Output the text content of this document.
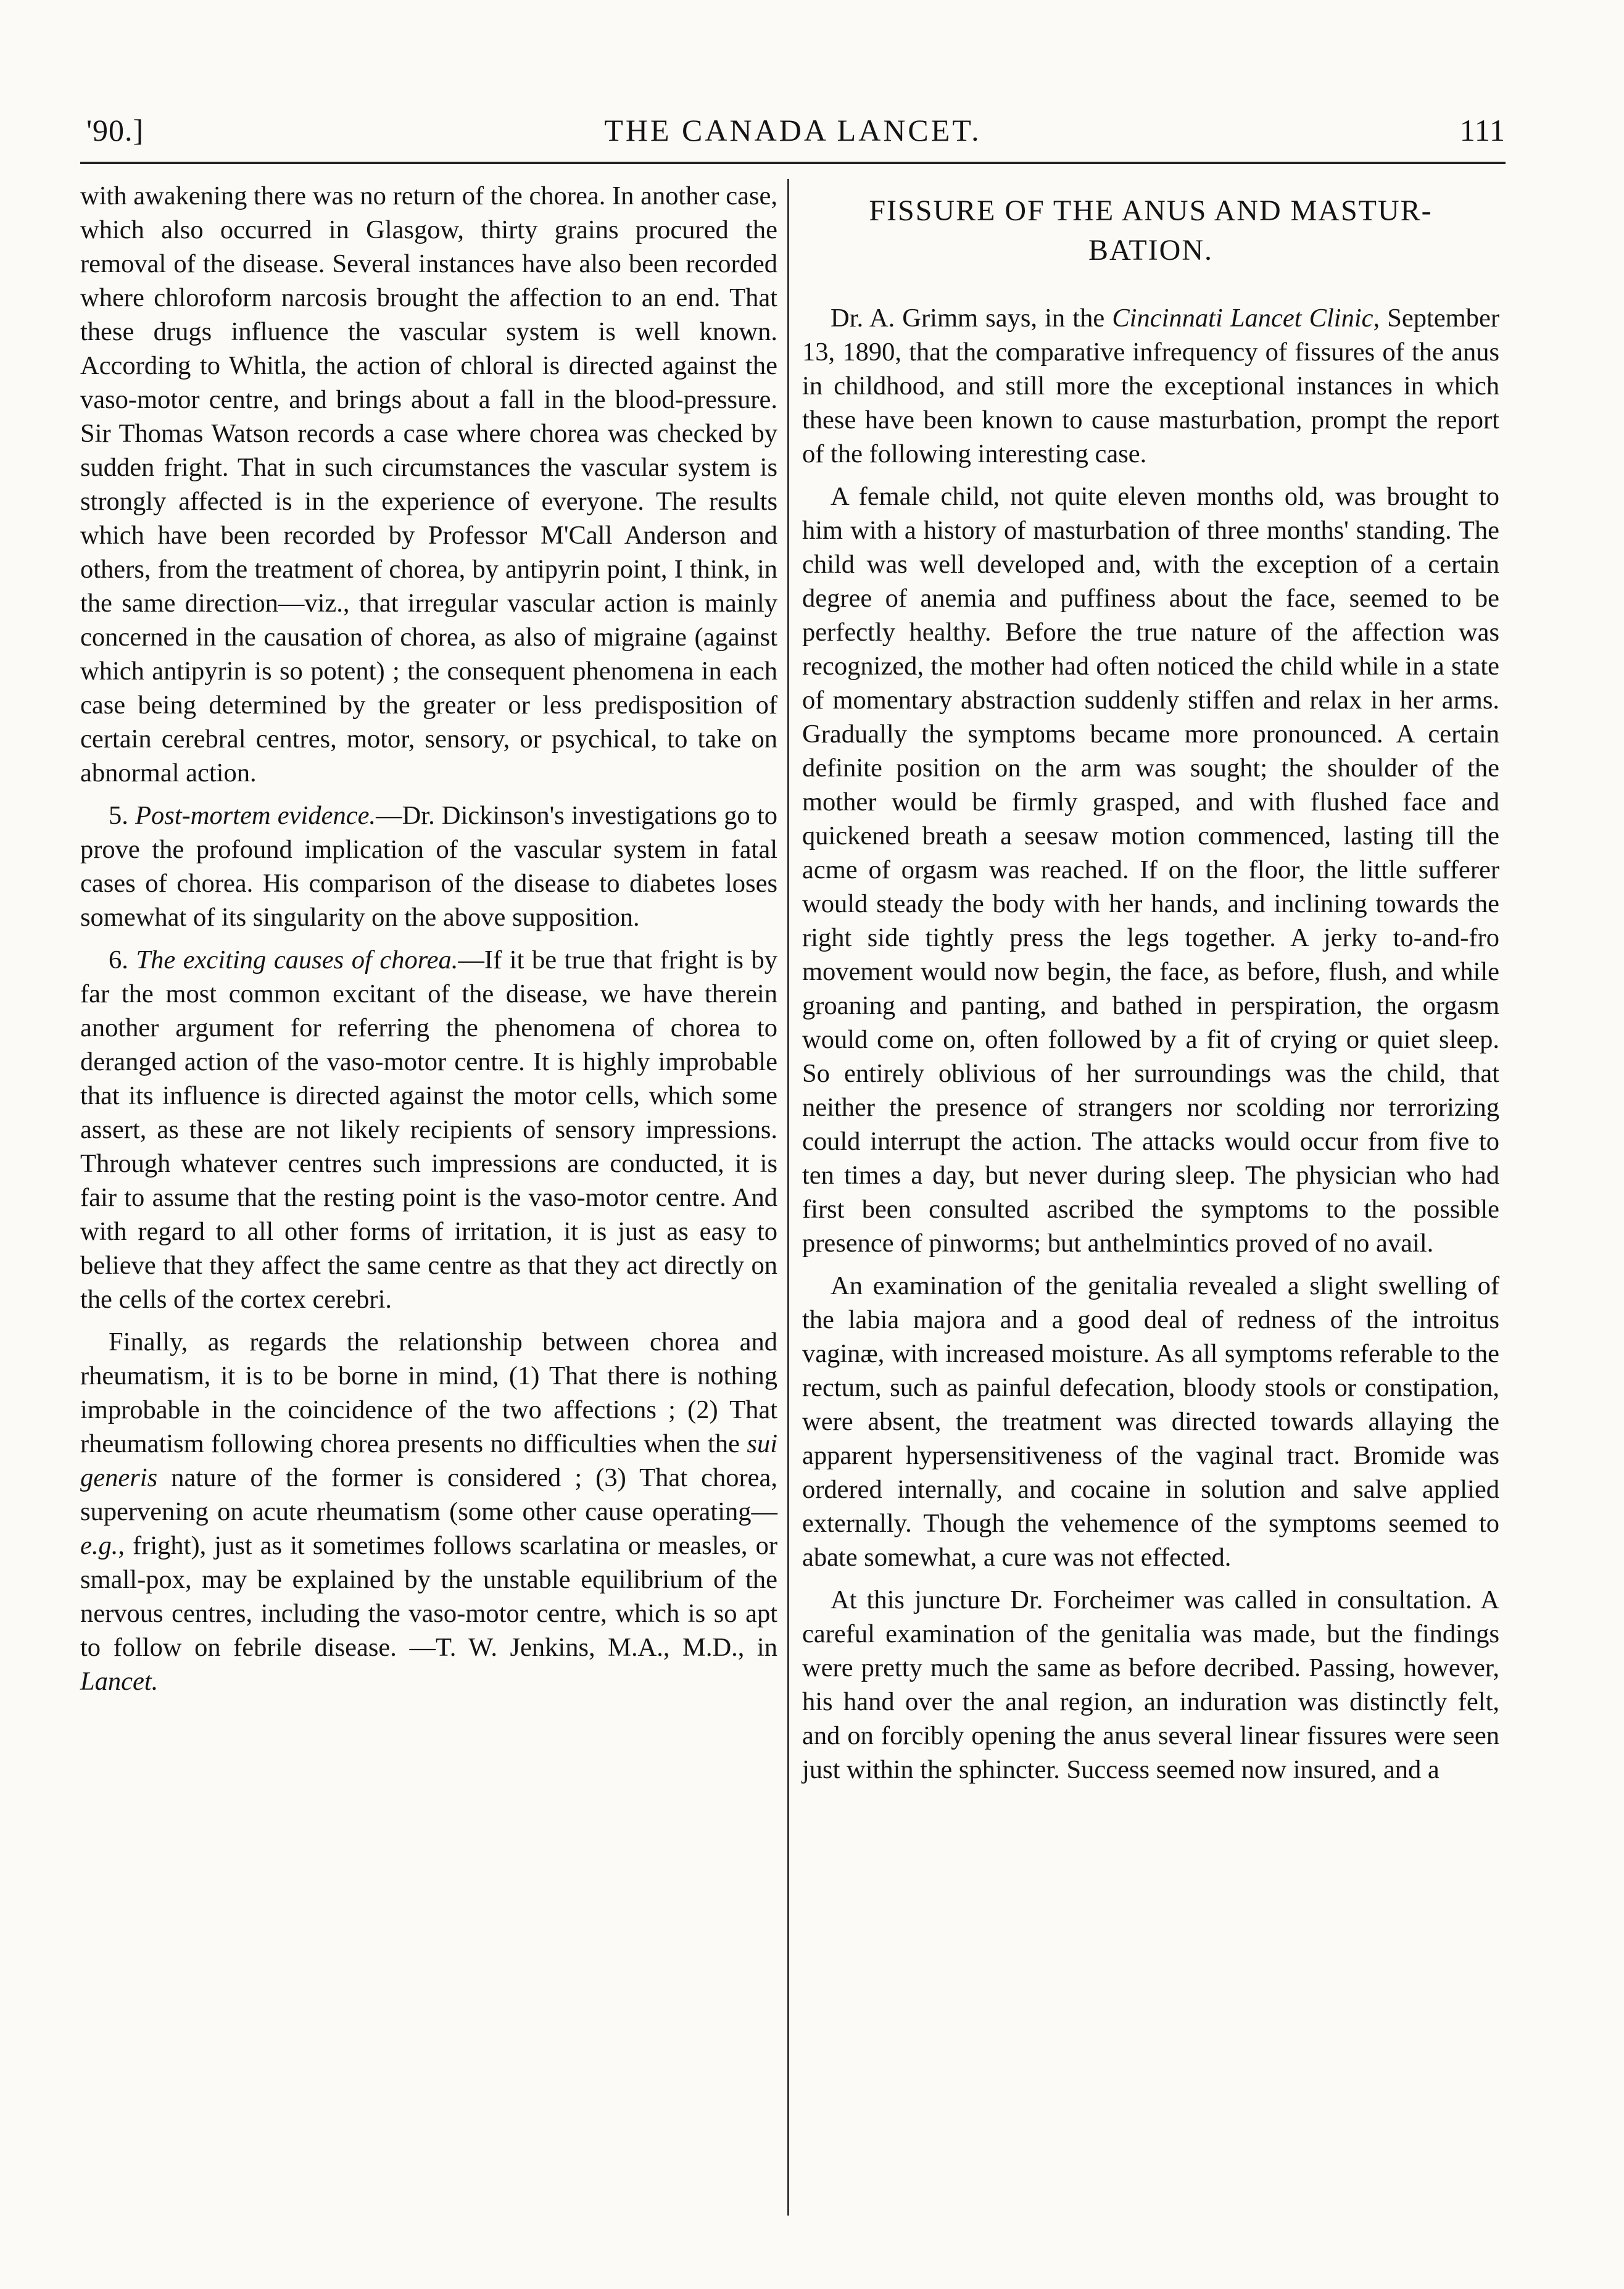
'90.]	THE CANADA LANCET.	111

with awakening there was no return of the chorea. In another case, which also occurred in Glasgow, thirty grains procured the removal of the disease. Several instances have also been recorded where chloroform narcosis brought the affection to an end. That these drugs influence the vascular system is well known. According to Whitla, the action of chloral is directed against the vaso-motor centre, and brings about a fall in the blood-pressure. Sir Thomas Watson records a case where chorea was checked by sudden fright. That in such circumstances the vascular system is strongly affected is in the experience of everyone. The results which have been recorded by Professor M'Call Anderson and others, from the treatment of chorea, by antipyrin point, I think, in the same direction—viz., that irregular vascular action is mainly concerned in the causation of chorea, as also of migraine (against which antipyrin is so potent) ; the consequent phenomena in each case being determined by the greater or less predisposition of certain cerebral centres, motor, sensory, or psychical, to take on abnormal action.

5. Post-mortem evidence.—Dr. Dickinson's investigations go to prove the profound implication of the vascular system in fatal cases of chorea. His comparison of the disease to diabetes loses somewhat of its singularity on the above supposition.

6. The exciting causes of chorea.—If it be true that fright is by far the most common excitant of the disease, we have therein another argument for referring the phenomena of chorea to deranged action of the vaso-motor centre. It is highly improbable that its influence is directed against the motor cells, which some assert, as these are not likely recipients of sensory impressions. Through whatever centres such impressions are conducted, it is fair to assume that the resting point is the vaso-motor centre. And with regard to all other forms of irritation, it is just as easy to believe that they affect the same centre as that they act directly on the cells of the cortex cerebri.

Finally, as regards the relationship between chorea and rheumatism, it is to be borne in mind, (1) That there is nothing improbable in the coincidence of the two affections ; (2) That rheumatism following chorea presents no difficulties when the sui generis nature of the former is considered ; (3) That chorea, supervening on acute rheumatism (some other cause operating—e.g., fright), just as it sometimes follows scarlatina or measles, or small-pox, may be explained by the unstable equilibrium of the nervous centres, including the vaso-motor centre, which is so apt to follow on febrile disease. —T. W. Jenkins, M.A., M.D., in Lancet.

FISSURE OF THE ANUS AND MASTUR-
BATION.

Dr. A. Grimm says, in the Cincinnati Lancet Clinic, September 13, 1890, that the comparative infrequency of fissures of the anus in childhood, and still more the exceptional instances in which these have been known to cause masturbation, prompt the report of the following interesting case.

A female child, not quite eleven months old, was brought to him with a history of masturbation of three months' standing. The child was well developed and, with the exception of a certain degree of anemia and puffiness about the face, seemed to be perfectly healthy. Before the true nature of the affection was recognized, the mother had often noticed the child while in a state of momentary abstraction suddenly stiffen and relax in her arms. Gradually the symptoms became more pronounced. A certain definite position on the arm was sought; the shoulder of the mother would be firmly grasped, and with flushed face and quickened breath a seesaw motion commenced, lasting till the acme of orgasm was reached. If on the floor, the little sufferer would steady the body with her hands, and inclining towards the right side tightly press the legs together. A jerky to-and-fro movement would now begin, the face, as before, flush, and while groaning and panting, and bathed in perspiration, the orgasm would come on, often followed by a fit of crying or quiet sleep. So entirely oblivious of her surroundings was the child, that neither the presence of strangers nor scolding nor terrorizing could interrupt the action. The attacks would occur from five to ten times a day, but never during sleep. The physician who had first been consulted ascribed the symptoms to the possible presence of pinworms; but anthelmintics proved of no avail.

An examination of the genitalia revealed a slight swelling of the labia majora and a good deal of redness of the introitus vaginæ, with increased moisture. As all symptoms referable to the rectum, such as painful defecation, bloody stools or constipation, were absent, the treatment was directed towards allaying the apparent hypersensitiveness of the vaginal tract. Bromide was ordered internally, and cocaine in solution and salve applied externally. Though the vehemence of the symptoms seemed to abate somewhat, a cure was not effected.

At this juncture Dr. Forcheimer was called in consultation. A careful examination of the genitalia was made, but the findings were pretty much the same as before decribed. Passing, however, his hand over the anal region, an induration was distinctly felt, and on forcibly opening the anus several linear fissures were seen just within the sphincter. Success seemed now insured, and a
